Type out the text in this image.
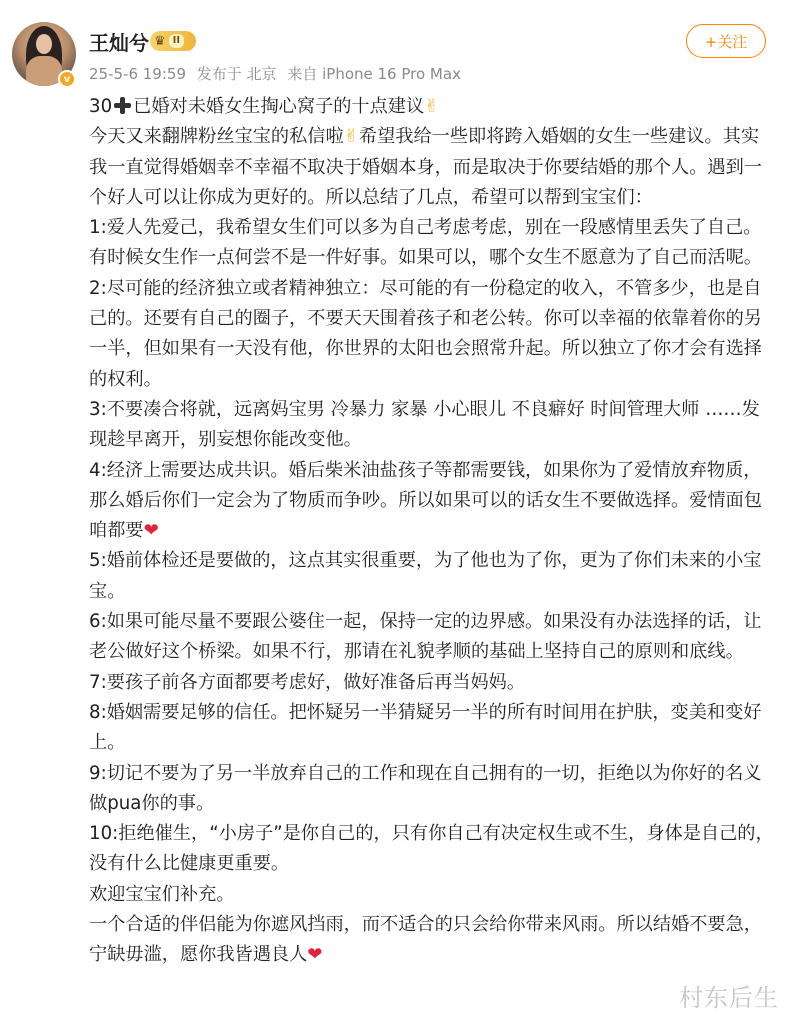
v
王灿兮 ♛ II
25-5-6 19:59 发布于 北京 来自 iPhone 16 Pro Max
+关注

30 已婚对未婚女生掏心窝子的十点建议✌

今天又来翻牌粉丝宝宝的私信啦✌希望我给一些即将跨入婚姻的女生一些建议。其实我一直觉得婚姻幸不幸福不取决于婚姻本身，而是取决于你要结婚的那个人。遇到一个好人可以让你成为更好的。所以总结了几点，希望可以帮到宝宝们：

1:爱人先爱己，我希望女生们可以多为自己考虑考虑，别在一段感情里丢失了自己。有时候女生作一点何尝不是一件好事。如果可以，哪个女生不愿意为了自己而活呢。

2:尽可能的经济独立或者精神独立：尽可能的有一份稳定的收入，不管多少，也是自己的。还要有自己的圈子，不要天天围着孩子和老公转。你可以幸福的依靠着你的另一半，但如果有一天没有他，你世界的太阳也会照常升起。所以独立了你才会有选择的权利。

3:不要凑合将就，远离妈宝男 冷暴力 家暴 小心眼儿 不良癖好 时间管理大师 ……发现趁早离开，别妄想你能改变他。

4:经济上需要达成共识。婚后柴米油盐孩子等都需要钱，如果你为了爱情放弃物质，那么婚后你们一定会为了物质而争吵。所以如果可以的话女生不要做选择。爱情面包咱都要❤

5:婚前体检还是要做的，这点其实很重要，为了他也为了你，更为了你们未来的小宝宝。

6:如果可能尽量不要跟公婆住一起，保持一定的边界感。如果没有办法选择的话，让老公做好这个桥梁。如果不行，那请在礼貌孝顺的基础上坚持自己的原则和底线。

7:要孩子前各方面都要考虑好，做好准备后再当妈妈。

8:婚姻需要足够的信任。把怀疑另一半猜疑另一半的所有时间用在护肤，变美和变好上。

9:切记不要为了另一半放弃自己的工作和现在自己拥有的一切，拒绝以为你好的名义做pua你的事。

10:拒绝催生，“小房子”是你自己的，只有你自己有决定权生或不生，身体是自己的，没有什么比健康更重要。

欢迎宝宝们补充。

一个合适的伴侣能为你遮风挡雨，而不适合的只会给你带来风雨。所以结婚不要急，宁缺毋滥，愿你我皆遇良人❤

村东后生
